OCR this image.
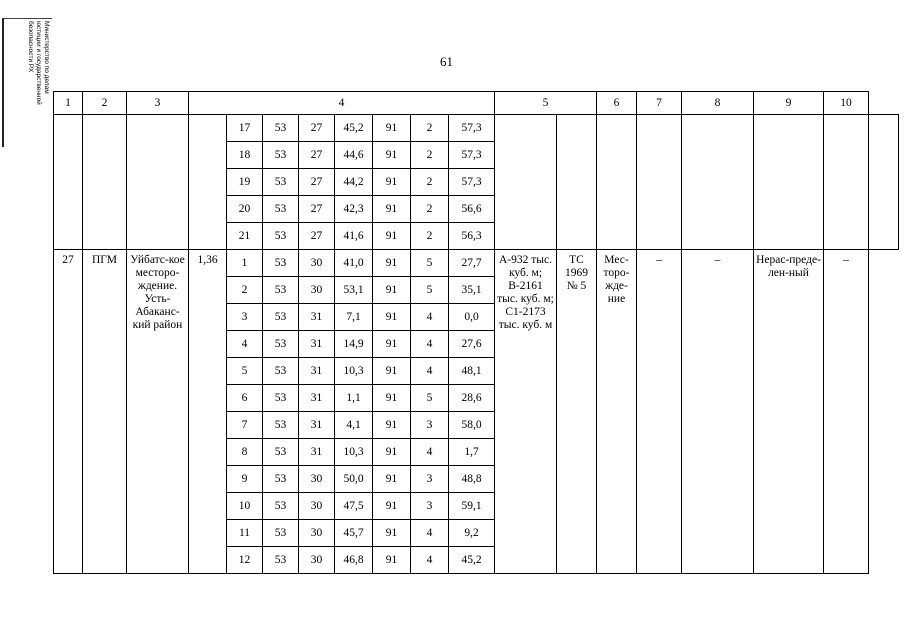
Министерство по делам
юстиции и государственной
безопасности РХ	61
1	2	3	4								5		6	7	8	9	10	
				17	53	27	45,2	91	2	57,3								
				18	53	27	44,6	91	2	57,3								
				19	53	27	44,2	91	2	57,3								
				20	53	27	42,3	91	2	56,6								
				21	53	27	41,6	91	2	56,3								
27	ПГМ	Уйбатс-кое месторо-ждение. Усть-Абаканс-кий район	1,36	1	53	30	41,0	91	5	27,7	А-932 тыс. куб. м; В-2161 тыс. куб. м; С1-2173 тыс. куб. м	ТС 1969 № 5	Мес-торо-жде-ние	–	–	Нерас-преде-лен-ный	–	
				2	53	30	53,1	91	5	35,1								
				3	53	31	7,1	91	4	0,0								
				4	53	31	14,9	91	4	27,6								
				5	53	31	10,3	91	4	48,1								
				6	53	31	1,1	91	5	28,6								
				7	53	31	4,1	91	3	58,0								
				8	53	31	10,3	91	4	1,7								
				9	53	30	50,0	91	3	48,8								
				10	53	30	47,5	91	3	59,1								
				11	53	30	45,7	91	4	9,2								
				12	53	30	46,8	91	4	45,2								
